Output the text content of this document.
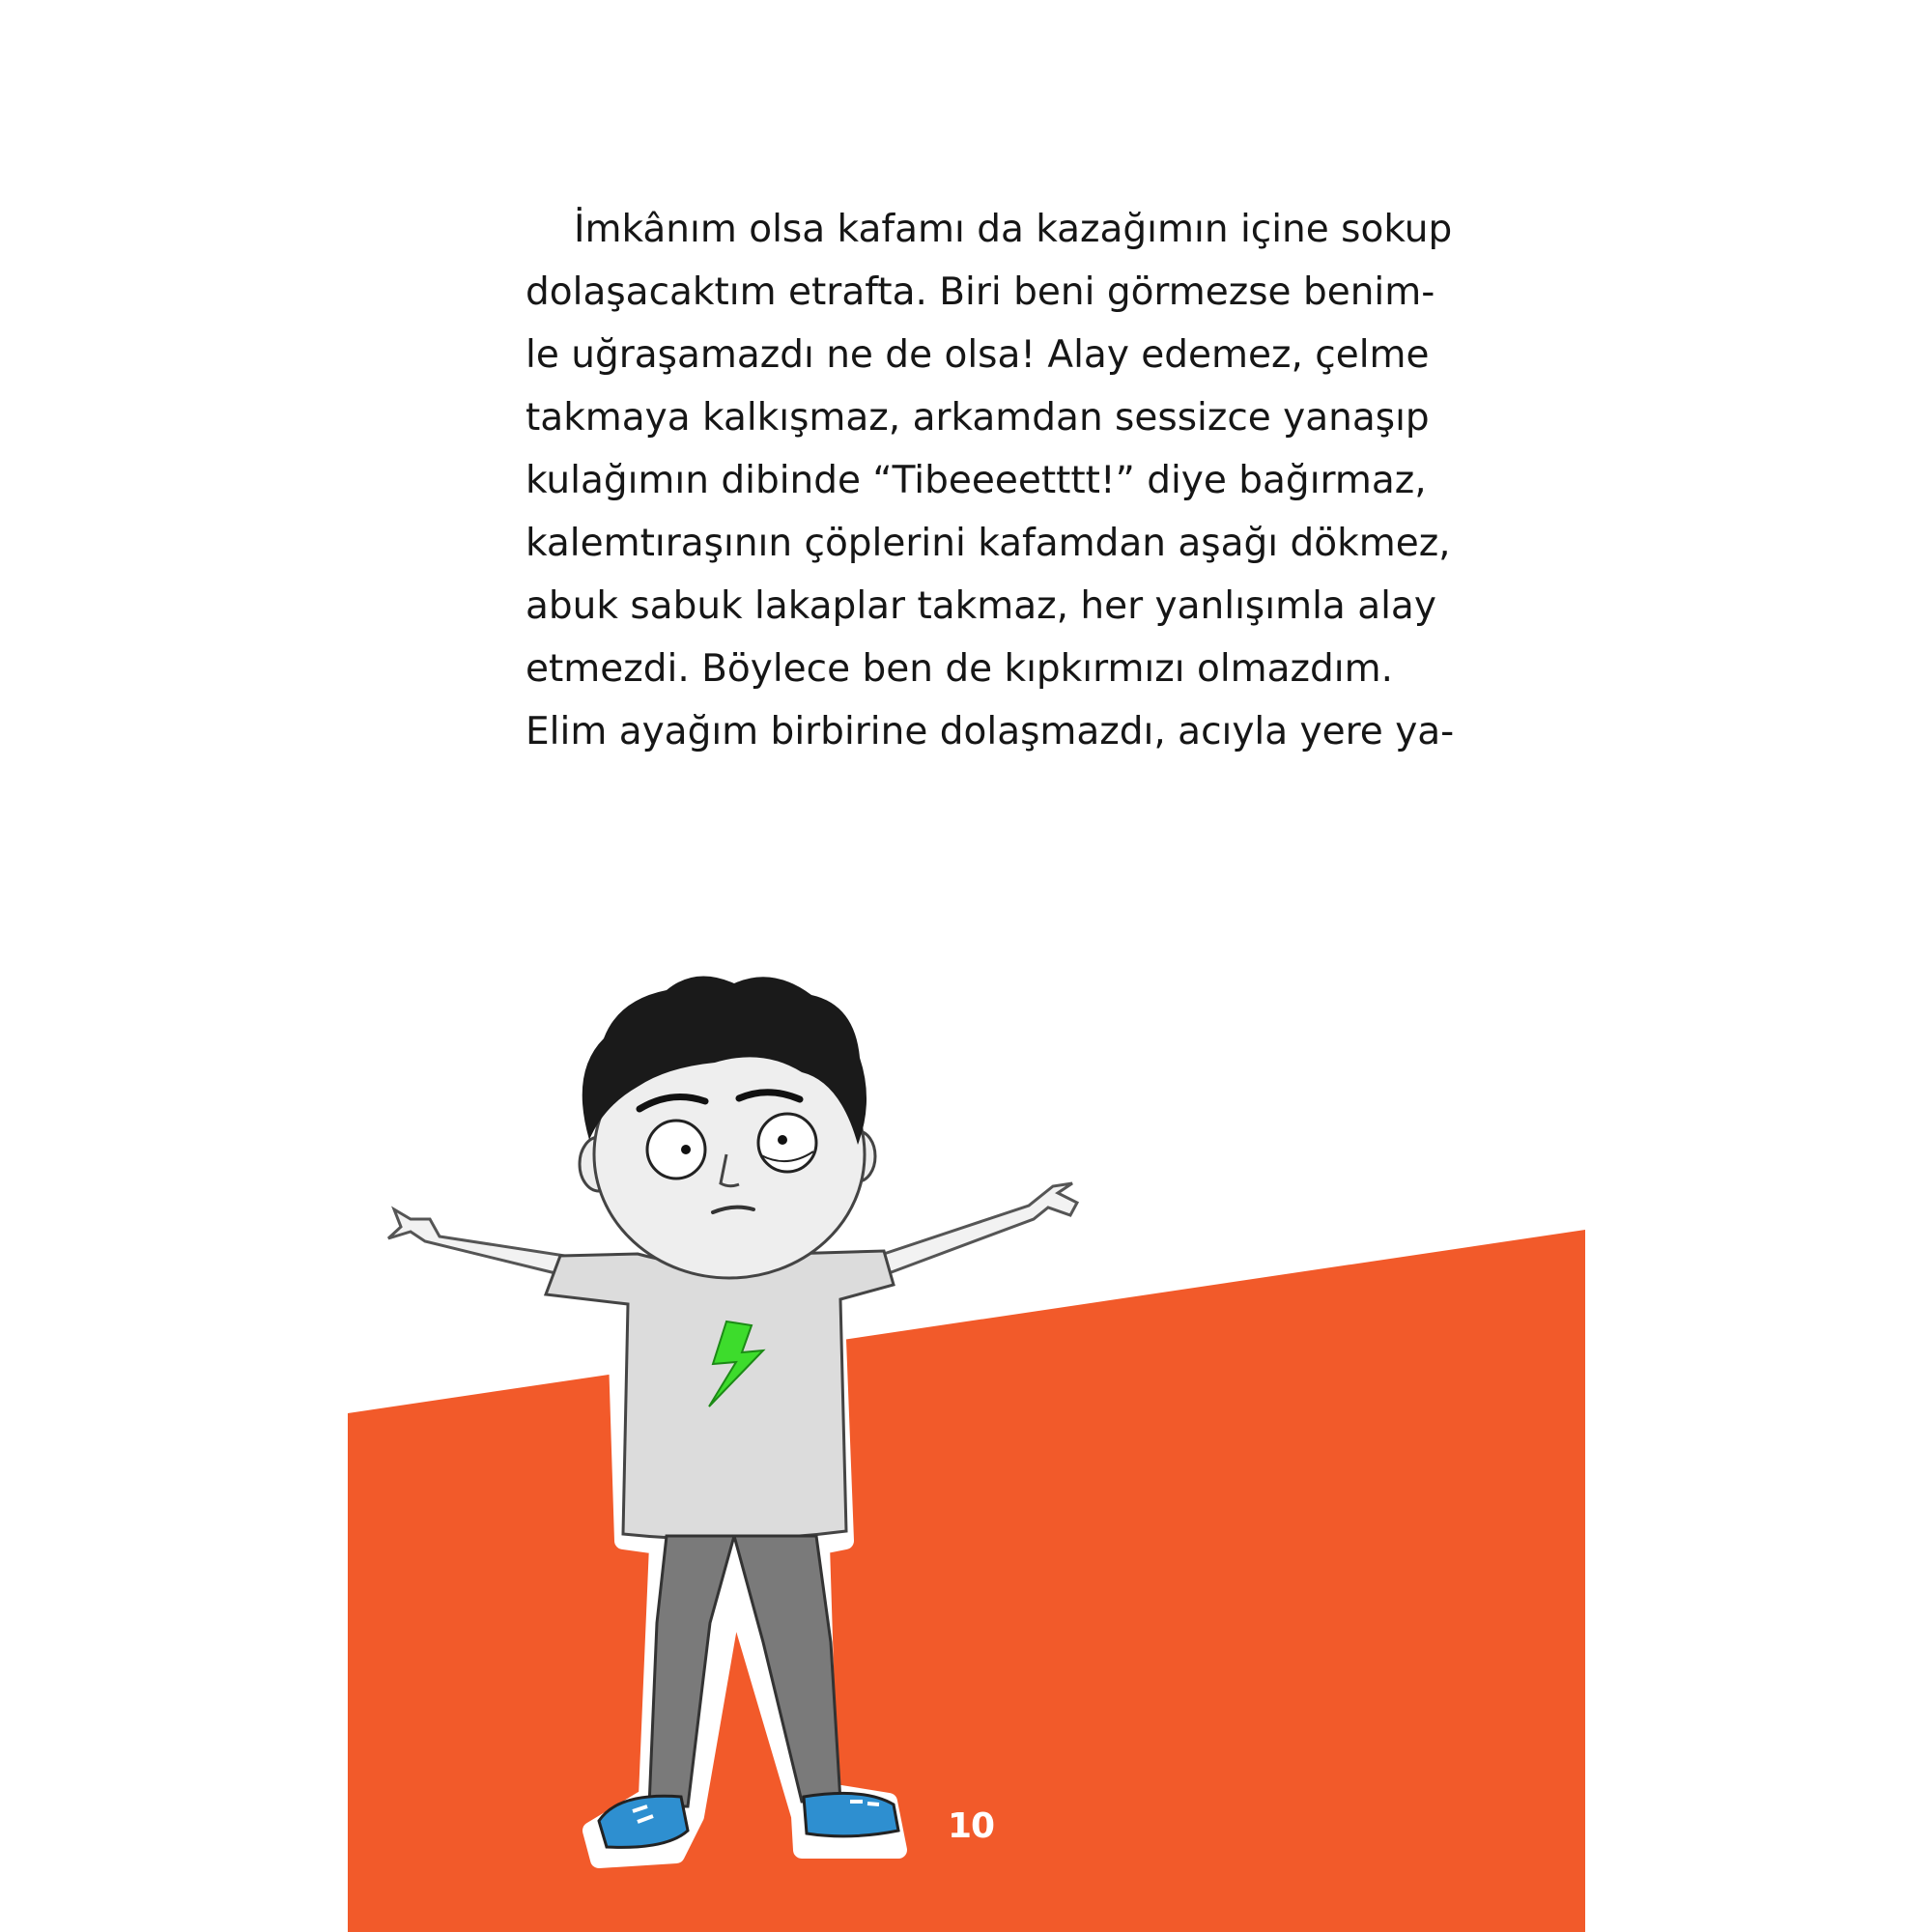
İmkânım olsa kafamı da kazağımın içine sokup
dolaşacaktım etrafta. Biri beni görmezse benim-
le uğraşamazdı ne de olsa! Alay edemez, çelme
takmaya kalkışmaz, arkamdan sessizce yanaşıp
kulağımın dibinde “Tibeeeetttt!” diye bağırmaz,
kalemtıraşının çöplerini kafamdan aşağı dökmez,
abuk sabuk lakaplar takmaz, her yanlışımla alay
etmezdi. Böylece ben de kıpkırmızı olmazdım.
Elim ayağım birbirine dolaşmazdı, acıyla yere ya-
10
